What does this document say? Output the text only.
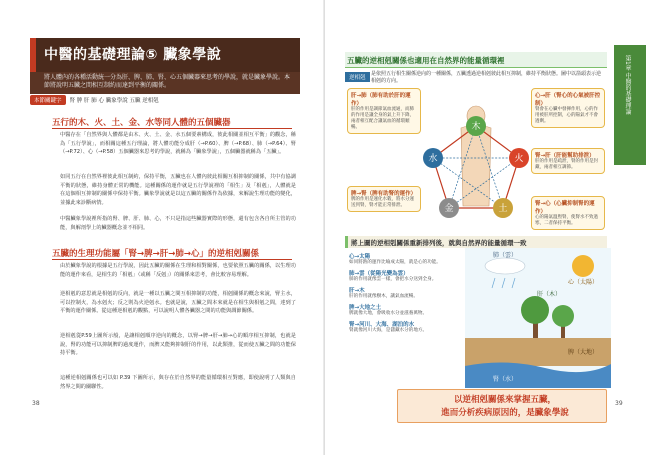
中醫的基礎理論⑤ 臟象學說
將人體內的各種活動統一分為肝、脾、肺、腎、心五個臟器來思考的學說，就是臟象學說。本節將說明五臟之間相互制約而達到平衡的關係。
本節關鍵字	腎 脾 肝 肺 心 臟象學說 五臟 逆相剋
五行的木、火、土、金、水等同人體的五個臟器
中醫存在「自然界與人體都是由木、火、土、金、水五個要素構成，彼此相關並相互平衡」的觀念，稱為「五行學說」，而相關這種五行理論，將人體功能分成肝（→P.60）、脾（→P.68）、肺（→P.64）、腎（→P.72）、心（→P.58）五個臟器來思考的學說，就稱為「臟象學說」，五個臟器就稱為「五臟」。
如同五行在自然界裡彼此相互制約，保持平衡，五臟也在人體內彼此相關互相抑制的關係，共中有協調平衡的狀態，維持身體正常的機能。這種關係的運作就是五行學說裡的「相生」及「相剋」，人體就是在這個相互抑制的關係中保持平衡。臟象學說就是以這五臟的關係作為依據，來解說生理功能的變化，並據此來診斷病情。
中醫臟象學說裡所指的腎、脾、肝、肺、心，不只是指這些臟器實際的形態，還有包含各自所主管的功能，與解剖學上的臟器概念並不相同。
五臟的生理功能屬「腎→脾→肝→肺→心」的逆相剋關係
由於臟象學說的根據是五行學說，因此五臟的關係在生理和相對關係，也要依照五臟的關係，以生理功能的運作來看，是相生的「相剋」（或稱「反剋」）的關係來思考，會比較容易理解。
逆相剋的意思就是相剋的反向，就是一種以五臟之間互相抑制的功能，相剋關係的概念來說，腎主水，可以控制火，為水剋火；反之則為火逆剋水。也就是說，五臟之間本來就是在相生與相剋之間，達到了平衡的運作關係。從這種逆相剋的觀點，可以說明人體各臟器之間的功能與調節關係。
逆相剋從P.59上圖所示般，是讓相剋順序逆向的概念，以腎→脾→肝→肺→心的順序相互抑制，也就是說，腎的功能可以抑制脾的過度運作，而脾又能夠抑制肝的作用，以此類推，從而使五臟之間的功能保持平衡。
這種逆相剋關係也可以如 P.39 下圖所示，與存在於自然界的能量循環相互對應，即使說明了人類與自然界之間的關聯性。
38
五臟的逆相剋關係也適用在自然界的能量循環裡	第1章 中醫的基礎理論
逆相剋
是依照五行相生關係逆向的一種關係，五臟透過逆相剋彼此相互抑制，維持平衡狀態。圖中以箭頭表示逆相剋的方向。
木
火
土
金
水
肝→肺（肺有助於肝的運作）
肝的作用是調節氣血流通，而肺的作用是讓全身的氣上升下降，兩者相互配合讓氣血的循環順暢。
心→肝（腎心的心氣被肝控制）
腎會在心臟中發揮作用，心的作用被肝所控制，心的陽氣才不會過剩。
腎→肝（肝能幫助排泄）
肝的作用是疏泄，腎的作用是封藏，兩者相互調節。
脾→腎（脾有助腎的運作）
脾的作用是運化水穀，將水分運送到腎，腎才能正常排泄。	腎→心（心臟抑制腎的運作）
心的陽氣溫煦腎，使腎水不致過寒，二者保持平衡。
將上圖的逆相剋關係重新排列後，就與自然界的能量循環一致
心→太陽
如同將熱的運作比喻成太陽，就是心的功能。
肺→雲（從陽光變為雲）
肺的作用就像雲一樣，會把水分送到全身。
肝→木
肝的作用就像樹木，讓氣血流暢。
脾→大地之土
脾就像大地，會吸收水分並滋養萬物。
腎→河川、大海、湖泊的水
腎就像河川大海，是儲藏水分的地方。
心（太陽）
肺（雲）
肝（木）
脾（大地）
腎（水）
以逆相剋關係來掌握五臟，
進而分析疾病原因的，是臟象學說
39
